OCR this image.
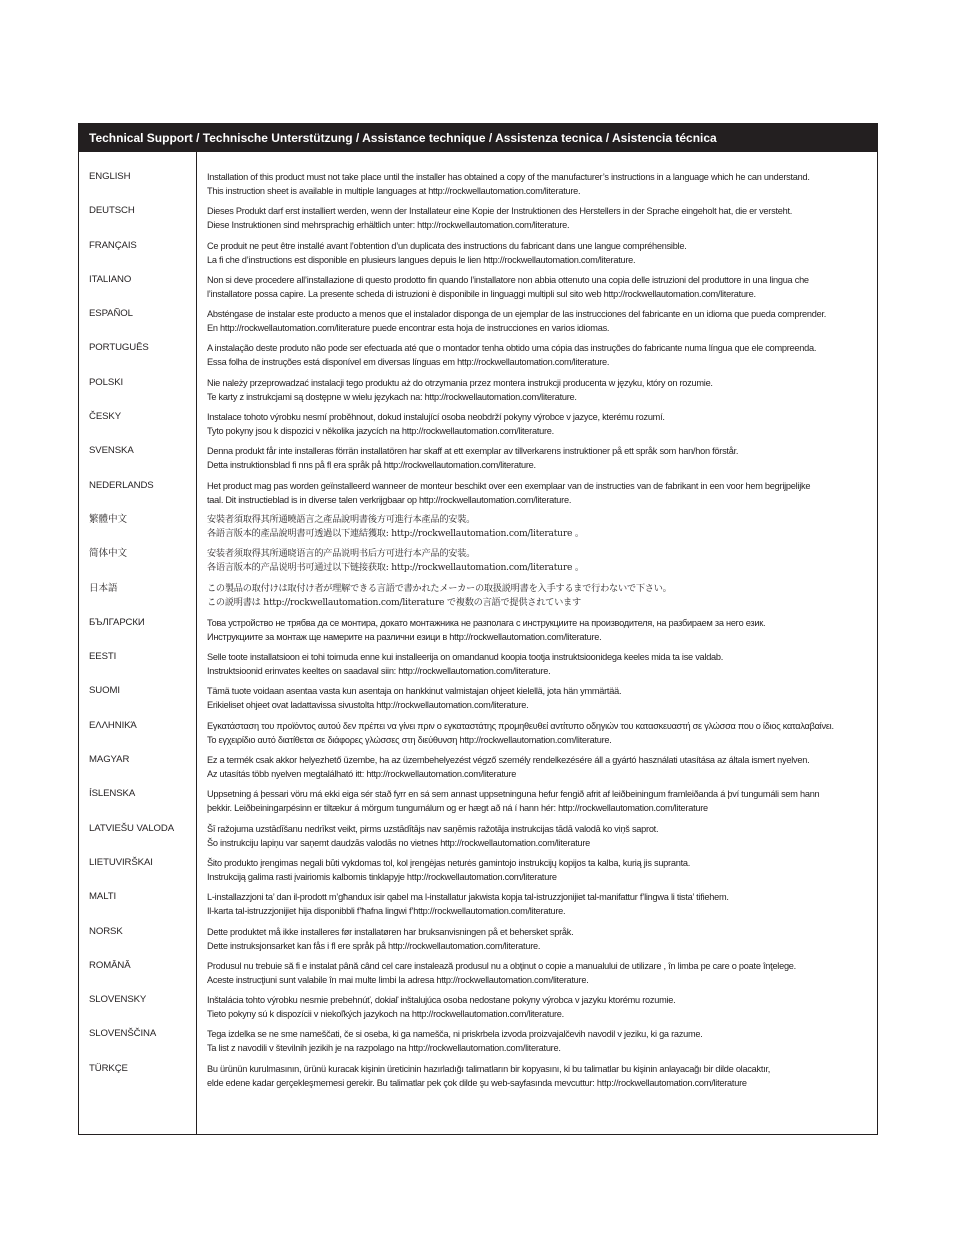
Technical Support / Technische Unterstützung / Assistance technique / Assistenza tecnica / Asistencia técnica
ENGLISH	Installation of this product must not take place until the installer has obtained a copy of the manufacturer’s instructions in a language which he can understand.
This instruction sheet is available in multiple languages at http://rockwellautomation.com/literature.
DEUTSCH	Dieses Produkt darf erst installiert werden, wenn der Installateur eine Kopie der Instruktionen des Herstellers in der Sprache eingeholt hat, die er versteht.
Diese Instruktionen sind mehrsprachig erhältlich unter: http://rockwellautomation.com/literature.
FRANÇAIS	Ce produit ne peut être installé avant l’obtention d’un duplicata des instructions du fabricant dans une langue compréhensible.
La fi che d’instructions est disponible en plusieurs langues depuis le lien http://rockwellautomation.com/literature.
ITALIANO	Non si deve procedere all’installazione di questo prodotto fin quando l’installatore non abbia ottenuto una copia delle istruzioni del produttore in una lingua che
l’installatore possa capire. La presente scheda di istruzioni è disponibile in linguaggi multipli sul sito web http://rockwellautomation.com/literature.
ESPAÑOL	Absténgase de instalar este producto a menos que el instalador disponga de un ejemplar de las instrucciones del fabricante en un idioma que pueda comprender.
En http://rockwellautomation.com/literature puede encontrar esta hoja de instrucciones en varios idiomas.
PORTUGUÊS	A instalação deste produto não pode ser efectuada até que o montador tenha obtido uma cópia das instruções do fabricante numa língua que ele compreenda.
Essa folha de instruções está disponível em diversas línguas em http://rockwellautomation.com/literature.
POLSKI	Nie należy przeprowadzać instalacji tego produktu aż do otrzymania przez montera instrukcji producenta w języku, który on rozumie.
Te karty z instrukcjami są dostępne w wielu językach na: http://rockwellautomation.com/literature.
ČESKY	Instalace tohoto výrobku nesmí proběhnout, dokud instalující osoba neobdrží pokyny výrobce v jazyce, kterému rozumí.
Tyto pokyny jsou k dispozici v několika jazycích na http://rockwellautomation.com/literature.
SVENSKA	Denna produkt får inte installeras förrän installatören har skaff at ett exemplar av tillverkarens instruktioner på ett språk som han/hon förstår.
Detta instruktionsblad fi nns på fl era språk på http://rockwellautomation.com/literature.
NEDERLANDS	Het product mag pas worden geïnstalleerd wanneer de monteur beschikt over een exemplaar van de instructies van de fabrikant in een voor hem begrijpelijke
taal. Dit instructieblad is in diverse talen verkrijgbaar op http://rockwellautomation.com/literature.
繁體中文	安裝者須取得其所通曉語言之產品說明書後方可進行本產品的安裝。
各語言版本的產品說明書可透過以下連結獲取: http://rockwellautomation.com/literature 。
简体中文	安装者须取得其所通晓语言的产品说明书后方可进行本产品的安装。
各语言版本的产品说明书可通过以下链接获取: http://rockwellautomation.com/literature 。
日本語	この製品の取付けは取付け者が理解できる言語で書かれたメーカーの取扱説明書を入手するまで行わないで下さい。
この説明書は http://rockwellautomation.com/literature で複数の言語で提供されています
БЪЛГАРСКИ	Това устройство не трябва да се монтира, докато монтажника не разполага с инструкциите на производителя, на разбираем за него език.
Инструкциите за монтаж ще намерите на различни езици в http://rockwellautomation.com/literature.
EESTI	Selle toote installatsioon ei tohi toimuda enne kui installeerija on omandanud koopia tootja instruktsioonidega keeles mida ta ise valdab.
Instruktsioonid erinvates keeltes on saadaval siin: http://rockwellautomation.com/literature.
SUOMI	Tämä tuote voidaan asentaa vasta kun asentaja on hankkinut valmistajan ohjeet kielellä, jota hän ymmärtää.
Erikieliset ohjeet ovat ladattavissa sivustolta http://rockwellautomation.com/literature.
ΕΛΛΗΝΙΚΆ	Εγκατάσταση του προϊόντος αυτού δεν πρέπει να γίνει πριν ο εγκαταστάτης προμηθευθεί αντίτυπο οδηγιών του κατασκευαστή σε γλώσσα που ο ίδιος καταλαβαίνει.
Το εγχειρίδιο αυτό διατίθεται σε διάφορες γλώσσες στη διεύθυνση http://rockwellautomation.com/literature.
MAGYAR	Ez a termék csak akkor helyezhető üzembe, ha az üzembehelyezést végző személy rendelkezésére áll a gyártó használati utasítása az általa ismert nyelven.
Az utasítás több nyelven megtalálható itt: http://rockwellautomation.com/literature
ÍSLENSKA	Uppsetning á þessari vöru má ekki eiga sér stað fyrr en sá sem annast uppsetninguna hefur fengið afrit af leiðbeiningum framleiðanda á því tungumáli sem hann
þekkir. Leiðbeiningarpésinn er tiltækur á mörgum tungumálum og er hægt að ná í hann hér: http://rockwellautomation.com/literature
LATVIEŠU VALODA	Šī ražojuma uzstādīšanu nedrīkst veikt, pirms uzstādītājs nav saņēmis ražotāja instrukcijas tādā valodā ko viņš saprot.
Šo instrukciju lapiņu var saņemt daudzās valodās no vietnes http://rockwellautomation.com/literature
LIETUVIRŠKAI	Šito produkto įrengimas negali būti vykdomas tol, kol įrengėjas neturės gamintojo instrukcijų kopijos ta kalba, kurią jis supranta.
Instrukciją galima rasti įvairiomis kalbomis tinklapyje http://rockwellautomation.com/literature
MALTI	L-installazzjoni ta’ dan il-prodott m’għandux isir qabel ma l-installatur jakwista kopja tal-istruzzjonijiet tal-manifattur f’lingwa li tista’ tifiehem.
Il-karta tal-istruzzjonijiet hija disponibbli f’ħafna lingwi f’http://rockwellautomation.com/literature.
NORSK	Dette produktet må ikke installeres før installatøren har bruksanvisningen på et behersket språk.
Dette instruksjonsarket kan fås i fl ere språk på http://rockwellautomation.com/literature.
ROMÂNĂ	Produsul nu trebuie să fi e instalat până când cel care instalează produsul nu a obţinut o copie a manualului de utilizare , în limba pe care o poate înţelege.
Aceste instrucţiuni sunt valabile în mai multe limbi la adresa http://rockwellautomation.com/literature.
SLOVENSKY	Inštalácia tohto výrobku nesmie prebehnúť, dokiaľ inštalujúca osoba nedostane pokyny výrobca v jazyku ktorému rozumie.
Tieto pokyny sú k dispozícii v niekoľkých jazykoch na http://rockwellautomation.com/literature.
SLOVENŠČINA	Tega izdelka se ne sme nameščati, če si oseba, ki ga namešča, ni priskrbela izvoda proizvajalčevih navodil v jeziku, ki ga razume.
Ta list z navodili v številnih jezikih je na razpolago na http://rockwellautomation.com/literature.
TÜRKÇE	Bu ürünün kurulmasının, ürünü kuracak kişinin üreticinin hazırladığı talimatların bir kopyasını, ki bu talimatlar bu kişinin anlayacağı bir dilde olacaktır,
elde edene kadar gerçekleşmemesi gerekir. Bu talimatlar pek çok dilde şu web-sayfasında mevcuttur: http://rockwellautomation.com/literature
